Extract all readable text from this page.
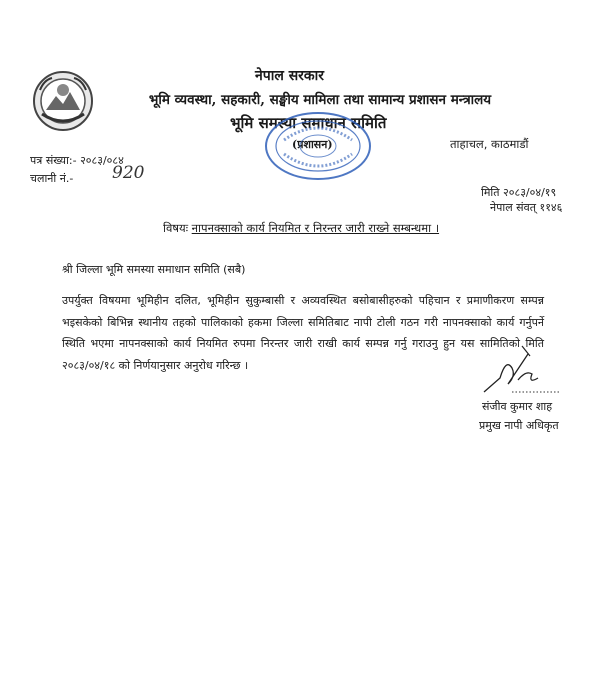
नेपाल सरकार
भूमि व्यवस्था, सहकारी, सङ्घीय मामिला तथा सामान्य प्रशासन मन्त्रालय
भूमि समस्या समाधान समिति
(प्रशासन)	ताहाचल, काठमाडौं
पत्र संख्या:- २०८३/०८४
चलानी नं.- 920
मिति २०८३/०४/१९
नेपाल संवत् ११४६
विषयः नापनक्साको कार्य नियमित र निरन्तर जारी राख्ने सम्बन्धमा ।
श्री जिल्ला भूमि समस्या समाधान समिति (सबै)
उपर्युक्त विषयमा भूमिहीन दलित, भूमिहीन सुकुम्बासी र अव्यवस्थित बसोबासीहरुको पहिचान र प्रमाणीकरण सम्पन्न भइसकेको बिभिन्न स्थानीय तहको पालिकाको हकमा जिल्ला समितिबाट नापी टोली गठन गरी नापनक्साको कार्य गर्नुपर्ने स्थिति भएमा नापनक्साको कार्य नियमित रुपमा निरन्तर जारी राखी कार्य सम्पन्न गर्नु गराउनु हुन यस सामितिको मिति २०८३/०४/१८ को निर्णयानुसार अनुरोध गरिन्छ ।
संजीव कुमार शाह
प्रमुख नापी अधिकृत
